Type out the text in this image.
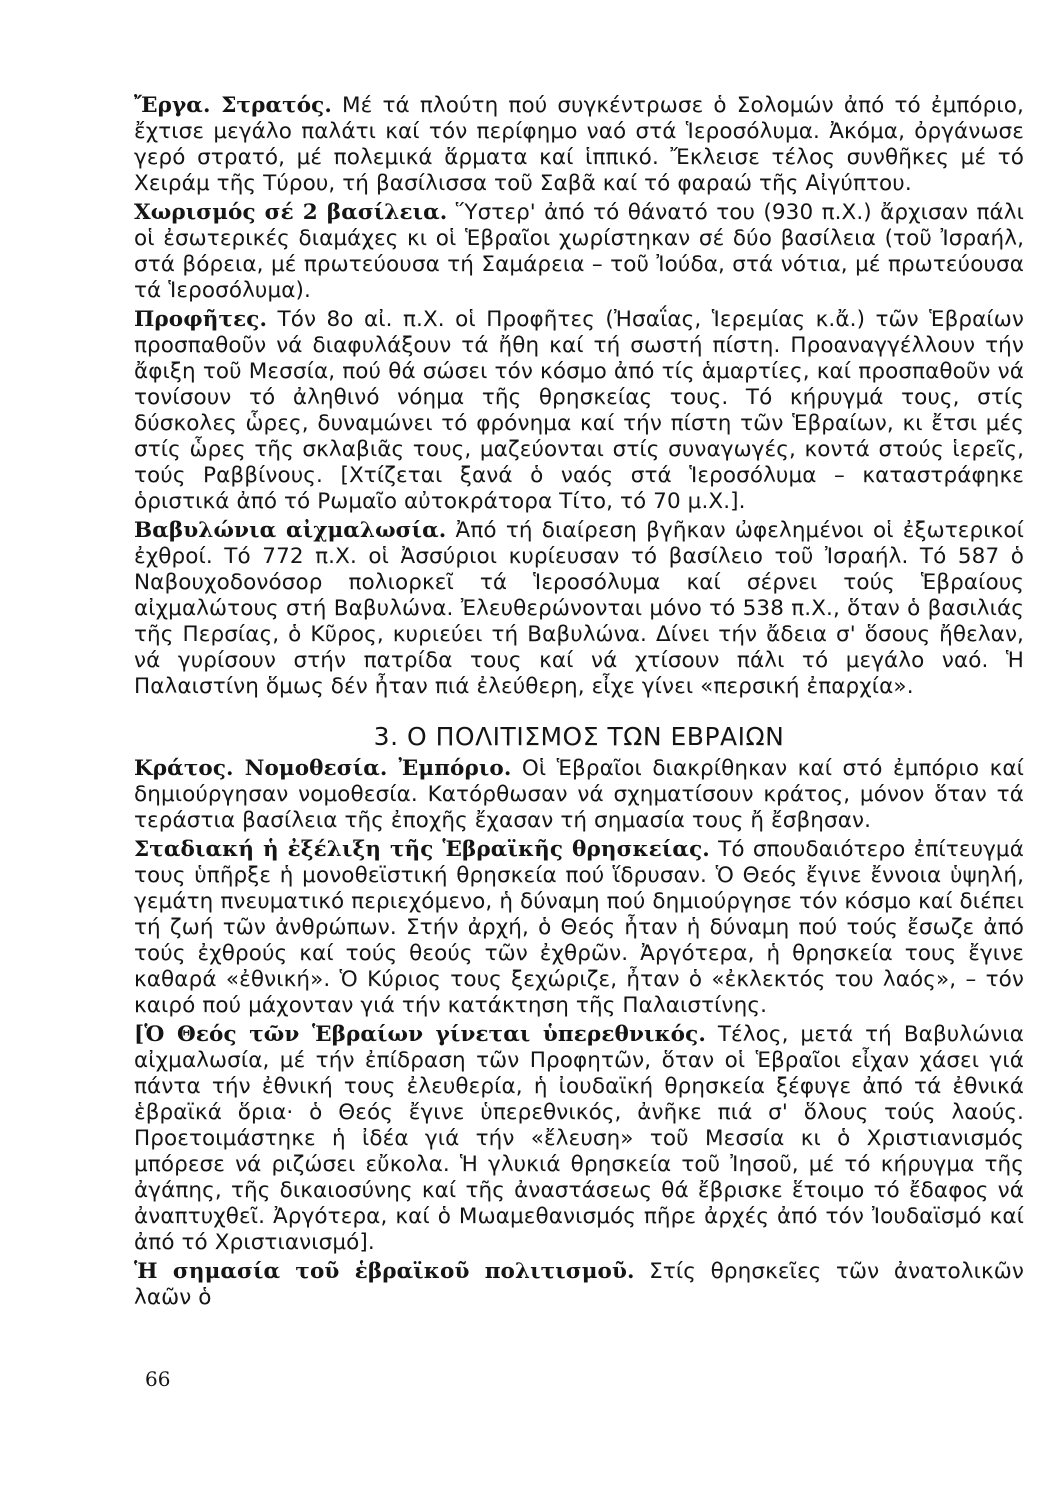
Ἔργα. Στρατός. Μέ τά πλούτη πού συγκέντρωσε ὁ Σολομών ἀπό τό ἐμπόριο, ἔχτισε μεγάλο παλάτι καί τόν περίφημο ναό στά Ἱεροσόλυμα. Ἀκόμα, ὀργάνωσε γερό στρατό, μέ πολεμικά ἅρματα καί ἱππικό. Ἔκλεισε τέλος συνθῆκες μέ τό Χειράμ τῆς Τύρου, τή βασίλισσα τοῦ Σαβᾶ καί τό φαραώ τῆς Αἰγύπτου.

Χωρισμός σέ 2 βασίλεια. Ὕστερ' ἀπό τό θάνατό του (930 π.Χ.) ἄρχισαν πάλι οἱ ἐσωτερικές διαμάχες κι οἱ Ἑβραῖοι χωρίστηκαν σέ δύο βασίλεια (τοῦ Ἰσραήλ, στά βόρεια, μέ πρωτεύουσα τή Σαμάρεια – τοῦ Ἰούδα, στά νότια, μέ πρωτεύουσα τά Ἱεροσόλυμα).

Προφῆτες. Τόν 8ο αἰ. π.Χ. οἱ Προφῆτες (Ἠσαΐας, Ἱερεμίας κ.ἄ.) τῶν Ἑβραίων προσπαθοῦν νά διαφυλάξουν τά ἤθη καί τή σωστή πίστη. Προαναγγέλλουν τήν ἄφιξη τοῦ Μεσσία, πού θά σώσει τόν κόσμο ἀπό τίς ἁμαρτίες, καί προσπαθοῦν νά τονίσουν τό ἀληθινό νόημα τῆς θρησκείας τους. Τό κήρυγμά τους, στίς δύσκολες ὧρες, δυναμώνει τό φρόνημα καί τήν πίστη τῶν Ἑβραίων, κι ἔτσι μές στίς ὧρες τῆς σκλαβιᾶς τους, μαζεύονται στίς συναγωγές, κοντά στούς ἱερεῖς, τούς Ραββίνους. [Χτίζεται ξανά ὁ ναός στά Ἱεροσόλυμα – καταστράφηκε ὁριστικά ἀπό τό Ρωμαῖο αὐτοκράτορα Τίτο, τό 70 μ.Χ.].

Βαβυλώνια αἰχμαλωσία. Ἀπό τή διαίρεση βγῆκαν ὠφελημένοι οἱ ἐξωτερικοί ἐχθροί. Τό 772 π.Χ. οἱ Ἀσσύριοι κυρίευσαν τό βασίλειο τοῦ Ἰσραήλ. Τό 587 ὁ Ναβουχοδονόσορ πολιορκεῖ τά Ἱεροσόλυμα καί σέρνει τούς Ἑβραίους αἰχμαλώτους στή Βαβυλώνα. Ἐλευθερώνονται μόνο τό 538 π.Χ., ὅταν ὁ βασιλιάς τῆς Περσίας, ὁ Κῦρος, κυριεύει τή Βαβυλώνα. Δίνει τήν ἄδεια σ' ὅσους ἤθελαν, νά γυρίσουν στήν πατρίδα τους καί νά χτίσουν πάλι τό μεγάλο ναό. Ἡ Παλαιστίνη ὅμως δέν ἦταν πιά ἐλεύθερη, εἶχε γίνει «περσική ἐπαρχία».

3. Ο ΠΟΛΙΤΙΣΜΟΣ ΤΩΝ ΕΒΡΑΙΩΝ

Κράτος. Νομοθεσία. Ἐμπόριο. Οἱ Ἑβραῖοι διακρίθηκαν καί στό ἐμπόριο καί δημιούργησαν νομοθεσία. Κατόρθωσαν νά σχηματίσουν κράτος, μόνον ὅταν τά τεράστια βασίλεια τῆς ἐποχῆς ἔχασαν τή σημασία τους ἤ ἔσβησαν.

Σταδιακή ἡ ἐξέλιξη τῆς Ἑβραϊκῆς θρησκείας. Τό σπουδαιότερο ἐπίτευγμά τους ὑπῆρξε ἡ μονοθεϊστική θρησκεία πού ἵδρυσαν. Ὁ Θεός ἔγινε ἔννοια ὑψηλή, γεμάτη πνευματικό περιεχόμενο, ἡ δύναμη πού δημιούργησε τόν κόσμο καί διέπει τή ζωή τῶν ἀνθρώπων. Στήν ἀρχή, ὁ Θεός ἦταν ἡ δύναμη πού τούς ἔσωζε ἀπό τούς ἐχθρούς καί τούς θεούς τῶν ἐχθρῶν. Ἀργότερα, ἡ θρησκεία τους ἔγινε καθαρά «ἐθνική». Ὁ Κύριος τους ξεχώριζε, ἦταν ὁ «ἐκλεκτός του λαός», – τόν καιρό πού μάχονταν γιά τήν κατάκτηση τῆς Παλαιστίνης.

[Ὁ Θεός τῶν Ἑβραίων γίνεται ὑπερεθνικός. Τέλος, μετά τή Βαβυλώνια αἰχμαλωσία, μέ τήν ἐπίδραση τῶν Προφητῶν, ὅταν οἱ Ἑβραῖοι εἶχαν χάσει γιά πάντα τήν ἐθνική τους ἐλευθερία, ἡ ἰουδαϊκή θρησκεία ξέφυγε ἀπό τά ἐθνικά ἑβραϊκά ὅρια· ὁ Θεός ἔγινε ὑπερεθνικός, ἀνῆκε πιά σ' ὅλους τούς λαούς. Προετοιμάστηκε ἡ ἰδέα γιά τήν «ἔλευση» τοῦ Μεσσία κι ὁ Χριστιανισμός μπόρεσε νά ριζώσει εὔκολα. Ἡ γλυκιά θρησκεία τοῦ Ἰησοῦ, μέ τό κήρυγμα τῆς ἀγάπης, τῆς δικαιοσύνης καί τῆς ἀναστάσεως θά ἔβρισκε ἕτοιμο τό ἔδαφος νά ἀναπτυχθεῖ. Ἀργότερα, καί ὁ Μωαμεθανισμός πῆρε ἀρχές ἀπό τόν Ἰουδαϊσμό καί ἀπό τό Χριστιανισμό].

Ἡ σημασία τοῦ ἑβραϊκοῦ πολιτισμοῦ. Στίς θρησκεῖες τῶν ἀνατολικῶν λαῶν ὁ

66
